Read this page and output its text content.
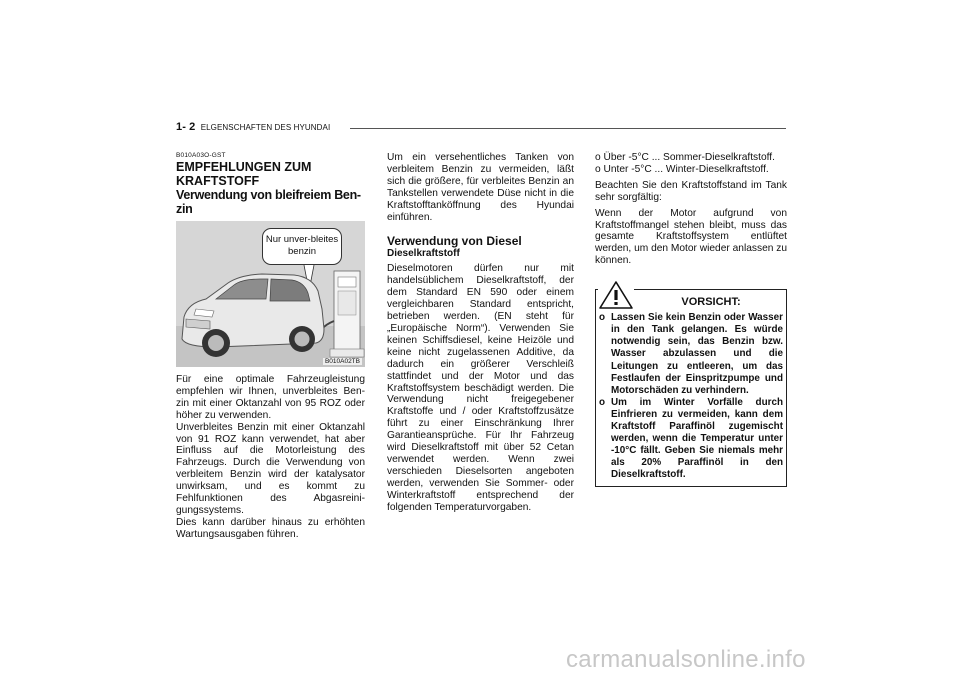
1- 2 ELGENSCHAFTEN DES HYUNDAI
B010A03O-GST
EMPFEHLUNGEN ZUM KRAFTSTOFF
Verwendung von bleifreiem Ben-zin
Nur unver-bleites benzin
B010A02TB

Für eine optimale Fahrzeugleistung empfehlen wir Ihnen, unverbleites Ben-zin mit einer Oktanzahl von 95 ROZ oder höher zu verwenden.

Unverbleites Benzin mit einer Oktanzahl von 91 ROZ kann verwendet, hat aber Einfluss auf die Motorleistung des Fahrzeugs. Durch die Verwendung von verbleitem Benzin wird der katalysator unwirksam, und es kommt zu Fehlfunktionen des Abgasreini-gungssystems.

Dies kann darüber hinaus zu erhöhten Wartungsausgaben führen.

Um ein versehentliches Tanken von verbleitem Benzin zu vermeiden, läßt sich die größere, für verbleites Benzin an Tankstellen verwendete Düse nicht in die Kraftstofftanköffnung des Hyundai einführen.

Verwendung von Diesel
Dieselkraftstoff

Dieselmotoren dürfen nur mit handelsüblichem Dieselkraftstoff, der dem Standard EN 590 oder einem vergleichbaren Standard entspricht, betrieben werden. (EN steht für „Europäische Norm“). Verwenden Sie keinen Schiffsdiesel, keine Heizöle und keine nicht zugelassenen Additive, da dadurch ein größerer Verschleiß stattfindet und der Motor und das Kraftstoffsystem beschädigt werden. Die Verwendung nicht freigegebener Kraftstoffe und / oder Kraftstoffzusätze führt zu einer Einschränkung Ihrer Garantieansprüche. Für Ihr Fahrzeug wird Dieselkraftstoff mit über 52 Cetan verwendet werden. Wenn zwei verschieden Dieselsorten angeboten werden, verwenden Sie Sommer- oder Winterkraftstoff entsprechend der folgenden Temperaturvorgaben.

o Über -5°C ... Sommer-Dieselkraftstoff.

o Unter -5°C ... Winter-Dieselkraftstoff.

Beachten Sie den Kraftstoffstand im Tank sehr sorgfältig:

Wenn der Motor aufgrund von Kraftstoffmangel stehen bleibt, muss das gesamte Kraftstoffsystem entlüftet werden, um den Motor wieder anlassen zu können.

VORSICHT:
o Lassen Sie kein Benzin oder Wasser in den Tank gelangen. Es würde notwendig sein, das Benzin bzw. Wasser abzulassen und die Leitungen zu entleeren, um das Festlaufen der Einspritzpumpe und Motorschäden zu verhindern.
o Um im Winter Vorfälle durch Einfrieren zu vermeiden, kann dem Kraftstoff Paraffinöl zugemischt werden, wenn die Temperatur unter -10°C fällt. Geben Sie niemals mehr als 20% Paraffinöl in den Dieselkraftstoff.
carmanualsonline.info
